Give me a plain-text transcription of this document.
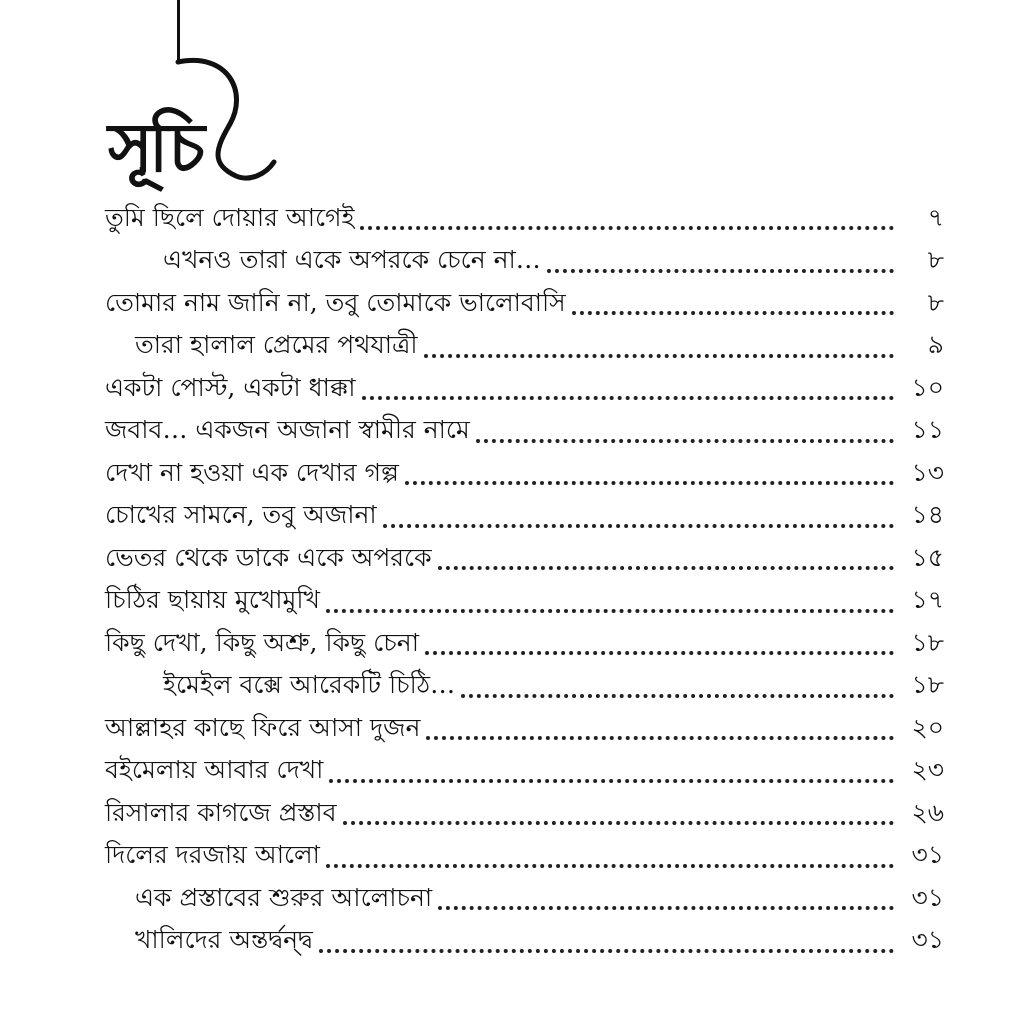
সূচি
তুমি ছিলে দোয়ার আগেই	৭
এখনও তারা একে অপরকে চেনে না…	৮
তোমার নাম জানি না, তবু তোমাকে ভালোবাসি	৮
তারা হালাল প্রেমের পথযাত্রী	৯
একটা পোস্ট, একটা ধাক্কা	১০
জবাব… একজন অজানা স্বামীর নামে	১১
দেখা না হওয়া এক দেখার গল্প	১৩
চোখের সামনে, তবু অজানা	১৪
ভেতর থেকে ডাকে একে অপরকে	১৫
চিঠির ছায়ায় মুখোমুখি	১৭
কিছু দেখা, কিছু অশ্রু, কিছু চেনা	১৮
ইমেইল বক্সে আরেকটি চিঠি…	১৮
আল্লাহর কাছে ফিরে আসা দুজন	২০
বইমেলায় আবার দেখা	২৩
রিসালার কাগজে প্রস্তাব	২৬
দিলের দরজায় আলো	৩১
এক প্রস্তাবের শুরুর আলোচনা	৩১
খালিদের অন্তর্দ্বন্দ্ব	৩১
